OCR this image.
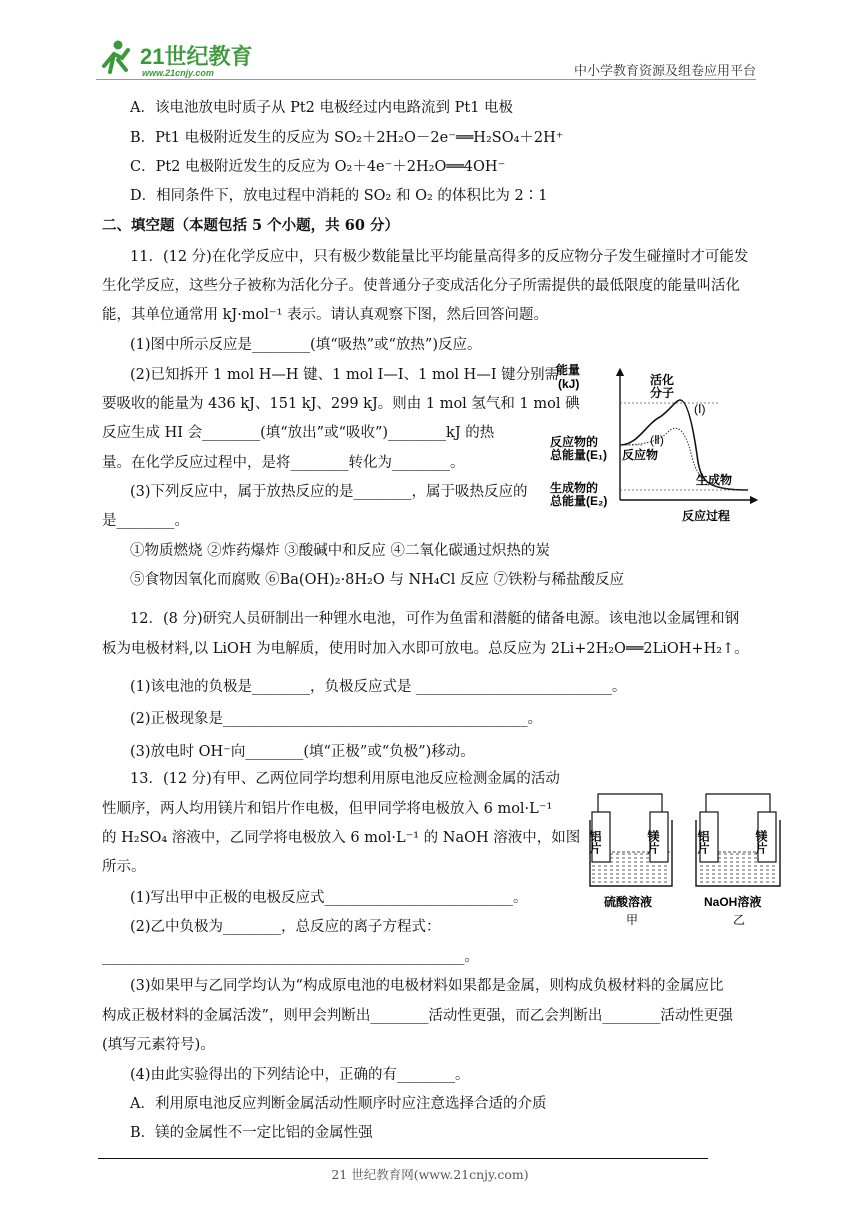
21世纪教育
www.21cnjy.com	中小学教育资源及组卷应用平台
A．该电池放电时质子从 Pt2 电极经过内电路流到 Pt1 电极
B．Pt1 电极附近发生的反应为 SO₂＋2H₂O－2e⁻══H₂SO₄＋2H⁺
C．Pt2 电极附近发生的反应为 O₂＋4e⁻＋2H₂O══4OH⁻
D．相同条件下，放电过程中消耗的 SO₂ 和 O₂ 的体积比为 2∶1
二、填空题（本题包括 5 个小题，共 60 分）
11．(12 分)在化学反应中，只有极少数能量比平均能量高得多的反应物分子发生碰撞时才可能发
生化学反应，这些分子被称为活化分子。使普通分子变成活化分子所需提供的最低限度的能量叫活化
能，其单位通常用 kJ·mol⁻¹ 表示。请认真观察下图，然后回答问题。
(1)图中所示反应是________(填“吸热”或“放热”)反应。
(2)已知拆开 1 mol H—H 键、1 mol I—I、1 mol H—I 键分别需
要吸收的能量为 436 kJ、151 kJ、299 kJ。则由 1 mol 氢气和 1 mol 碘
反应生成 HI 会________(填“放出”或“吸收”)________kJ 的热
量。在化学反应过程中，是将________转化为________。
(3)下列反应中，属于放热反应的是________，属于吸热反应的
是________。
①物质燃烧 ②炸药爆炸 ③酸碱中和反应 ④二氧化碳通过炽热的炭
⑤食物因氧化而腐败 ⑥Ba(OH)₂·8H₂O 与 NH₄Cl 反应 ⑦铁粉与稀盐酸反应
12．(8 分)研究人员研制出一种锂水电池，可作为鱼雷和潜艇的储备电源。该电池以金属锂和钢
板为电极材料,以 LiOH 为电解质，使用时加入水即可放电。总反应为 2Li+2H₂O══2LiOH+H₂↑。
(1)该电池的负极是________，负极反应式是 ___________________________。
(2)正极现象是__________________________________________。
(3)放电时 OH⁻向________(填“正极”或“负极”)移动。
13．(12 分)有甲、乙两位同学均想利用原电池反应检测金属的活动
性顺序，两人均用镁片和铝片作电极，但甲同学将电极放入 6 mol·L⁻¹
的 H₂SO₄ 溶液中，乙同学将电极放入 6 mol·L⁻¹ 的 NaOH 溶液中，如图
所示。
(1)写出甲中正极的电极反应式__________________________。
(2)乙中负极为________，总反应的离子方程式：
__________________________________________________。
(3)如果甲与乙同学均认为“构成原电池的电极材料如果都是金属，则构成负极材料的金属应比
构成正极材料的金属活泼”，则甲会判断出________活动性更强，而乙会判断出________活动性更强
(填写元素符号)。
(4)由此实验得出的下列结论中，正确的有________。
A．利用原电池反应判断金属活动性顺序时应注意选择合适的介质
B．镁的金属性不一定比铝的金属性强
能量
(kJ)	活化
分子
(Ⅰ)
(Ⅱ)
反应物的
总能量(E₁) 反应物
生成物的
总能量(E₂)
生成物
反应过程
铝片	镁片
硫酸溶液
甲
铝片	镁片
NaOH溶液
乙
21 世纪教育网(www.21cnjy.com)
